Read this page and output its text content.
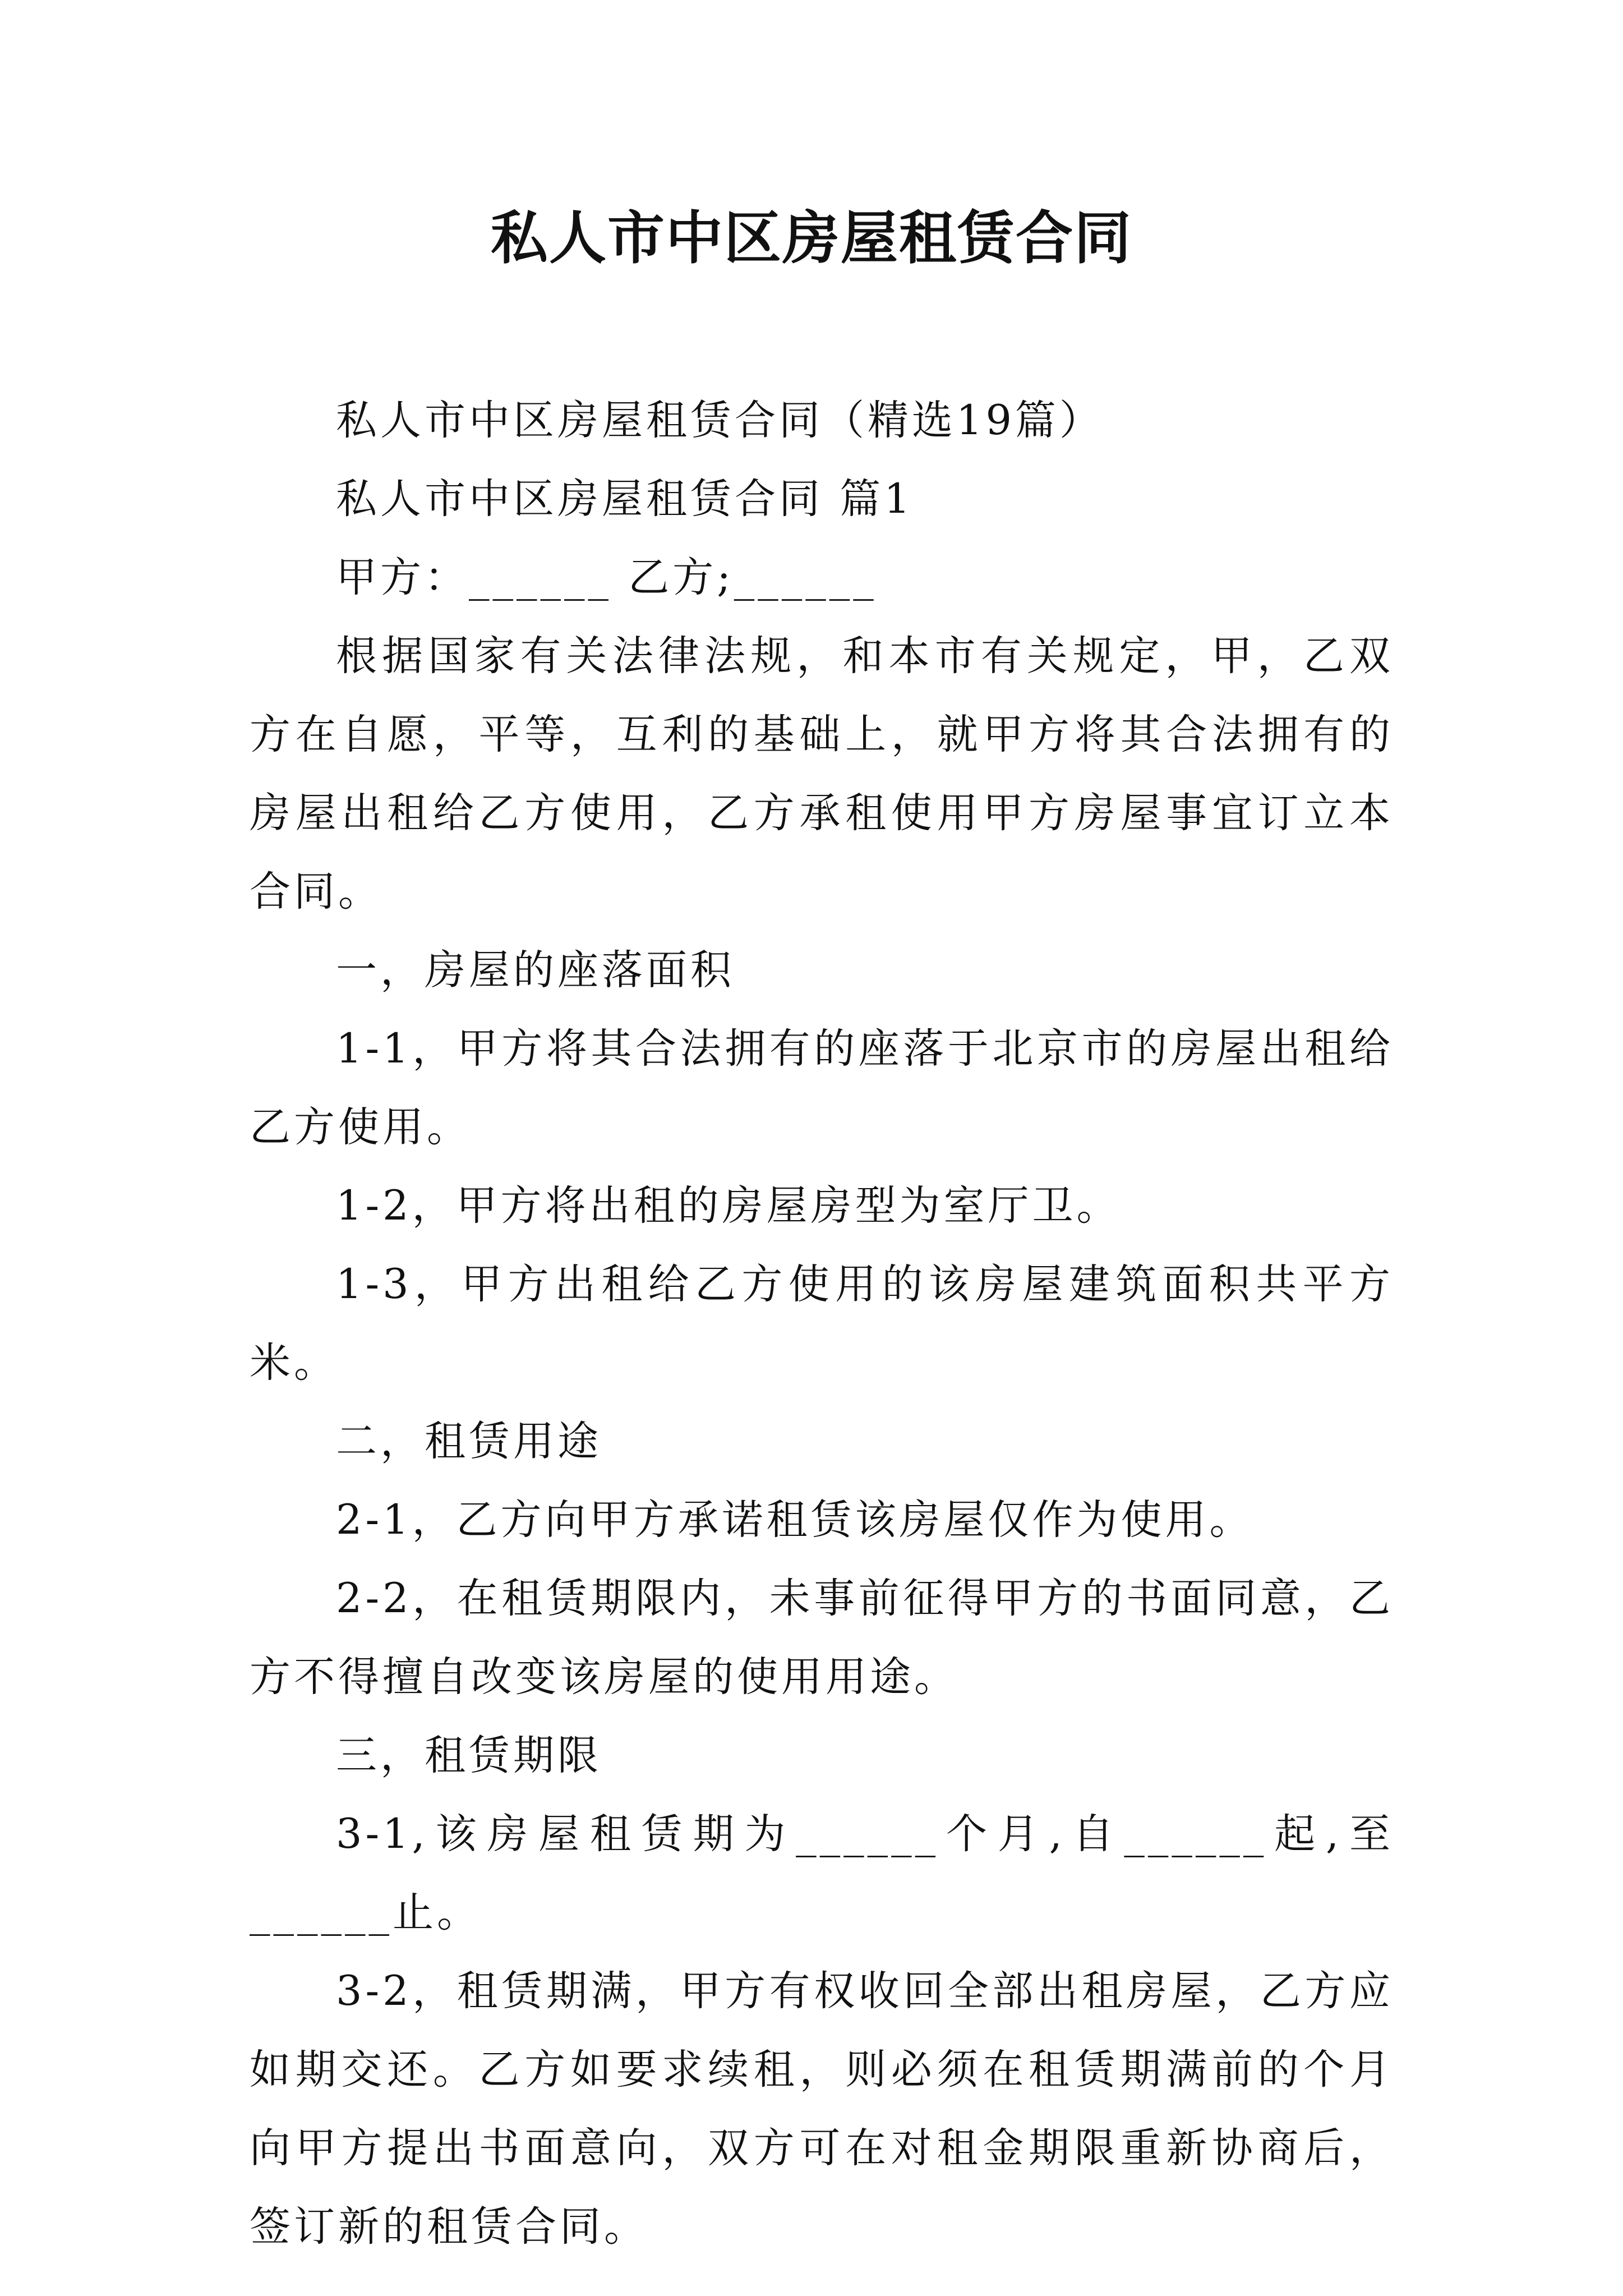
私人市中区房屋租赁合同

私人市中区房屋租赁合同（精选19篇）

私人市中区房屋租赁合同 篇1

甲方：______ 乙方;______

根据国家有关法律法规，和本市有关规定，甲，乙双方在自愿，平等，互利的基础上，就甲方将其合法拥有的房屋出租给乙方使用，乙方承租使用甲方房屋事宜订立本合同。

一，房屋的座落面积

1-1，甲方将其合法拥有的座落于北京市的房屋出租给乙方使用。

1-2，甲方将出租的房屋房型为室厅卫。

1-3，甲方出租给乙方使用的该房屋建筑面积共平方米。

二，租赁用途

2-1，乙方向甲方承诺租赁该房屋仅作为使用。

2-2，在租赁期限内，未事前征得甲方的书面同意，乙方不得擅自改变该房屋的使用用途。

三，租赁期限

3-1,该房屋租赁期为______个月,自______起,至______止。

3-2，租赁期满，甲方有权收回全部出租房屋，乙方应如期交还。乙方如要求续租，则必须在租赁期满前的个月向甲方提出书面意向，双方可在对租金期限重新协商后，签订新的租赁合同。
